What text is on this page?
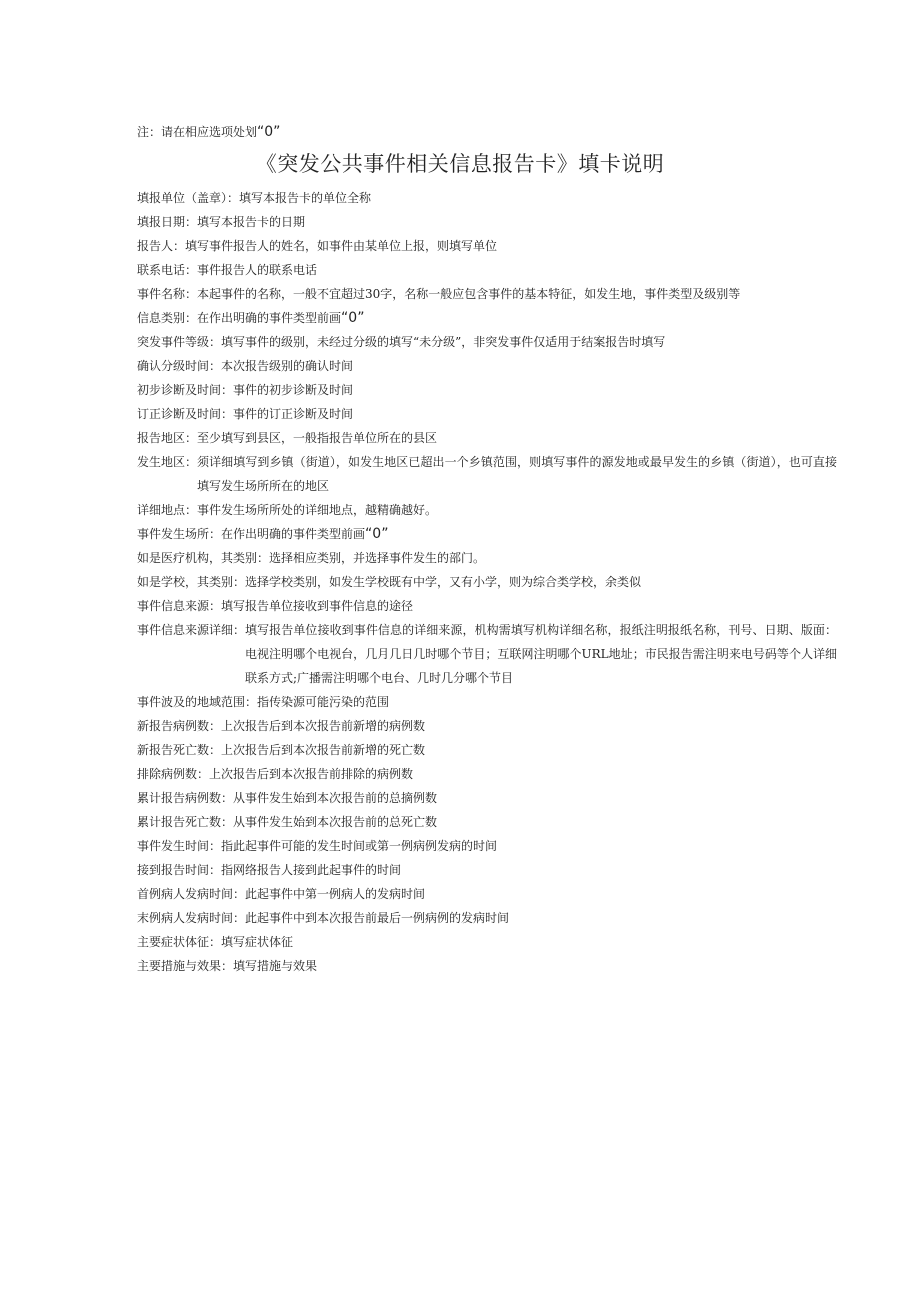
注：请在相应选项处划“0”
《突发公共事件相关信息报告卡》填卡说明
填报单位（盖章）： 填写本报告卡的单位全称
填报日期： 填写本报告卡的日期
报告人： 填写事件报告人的姓名，如事件由某单位上报，则填写单位
联系电话： 事件报告人的联系电话
事件名称： 本起事件的名称，一般不宜超过30字，名称一般应包含事件的基本特征，如发生地，事件类型及级别等
信息类别： 在作出明确的事件类型前画“0”
突发事件等级： 填写事件的级别，未经过分级的填写“未分级”，非突发事件仅适用于结案报告时填写
确认分级时间： 本次报告级别的确认时间
初步诊断及时间： 事件的初步诊断及时间
订正诊断及时间： 事件的订正诊断及时间
报告地区： 至少填写到县区，一般指报告单位所在的县区
发生地区： 须详细填写到乡镇（街道），如发生地区已超出一个乡镇范围，则填写事件的源发地或最早发生的乡镇（街道），也可直接填写发生场所所在的地区
详细地点： 事件发生场所所处的详细地点，越精确越好。
事件发生场所： 在作出明确的事件类型前画“0”
如是医疗机构，其类别： 选择相应类别，并选择事件发生的部门。
如是学校，其类别： 选择学校类别，如发生学校既有中学，又有小学，则为综合类学校，余类似
事件信息来源： 填写报告单位接收到事件信息的途径
事件信息来源详细： 填写报告单位接收到事件信息的详细来源，机构需填写机构详细名称，报纸注明报纸名称，刊号、日期、版面：电视注明哪个电视台，几月几日几时哪个节目；互联网注明哪个URL地址；市民报告需注明来电号码等个人详细联系方式;广播需注明哪个电台、几时几分哪个节目
事件波及的地域范围： 指传染源可能污染的范围
新报告病例数： 上次报告后到本次报告前新增的病例数
新报告死亡数： 上次报告后到本次报告前新增的死亡数
排除病例数： 上次报告后到本次报告前排除的病例数
累计报告病例数： 从事件发生始到本次报告前的总摘例数
累计报告死亡数： 从事件发生始到本次报告前的总死亡数
事件发生时间： 指此起事件可能的发生时间或第一例病例发病的时间
接到报告时间： 指网络报告人接到此起事件的时间
首例病人发病时间： 此起事件中第一例病人的发病时间
末例病人发病时间： 此起事件中到本次报告前最后一例病例的发病时间
主要症状体征： 填写症状体征
主要措施与效果： 填写措施与效果
